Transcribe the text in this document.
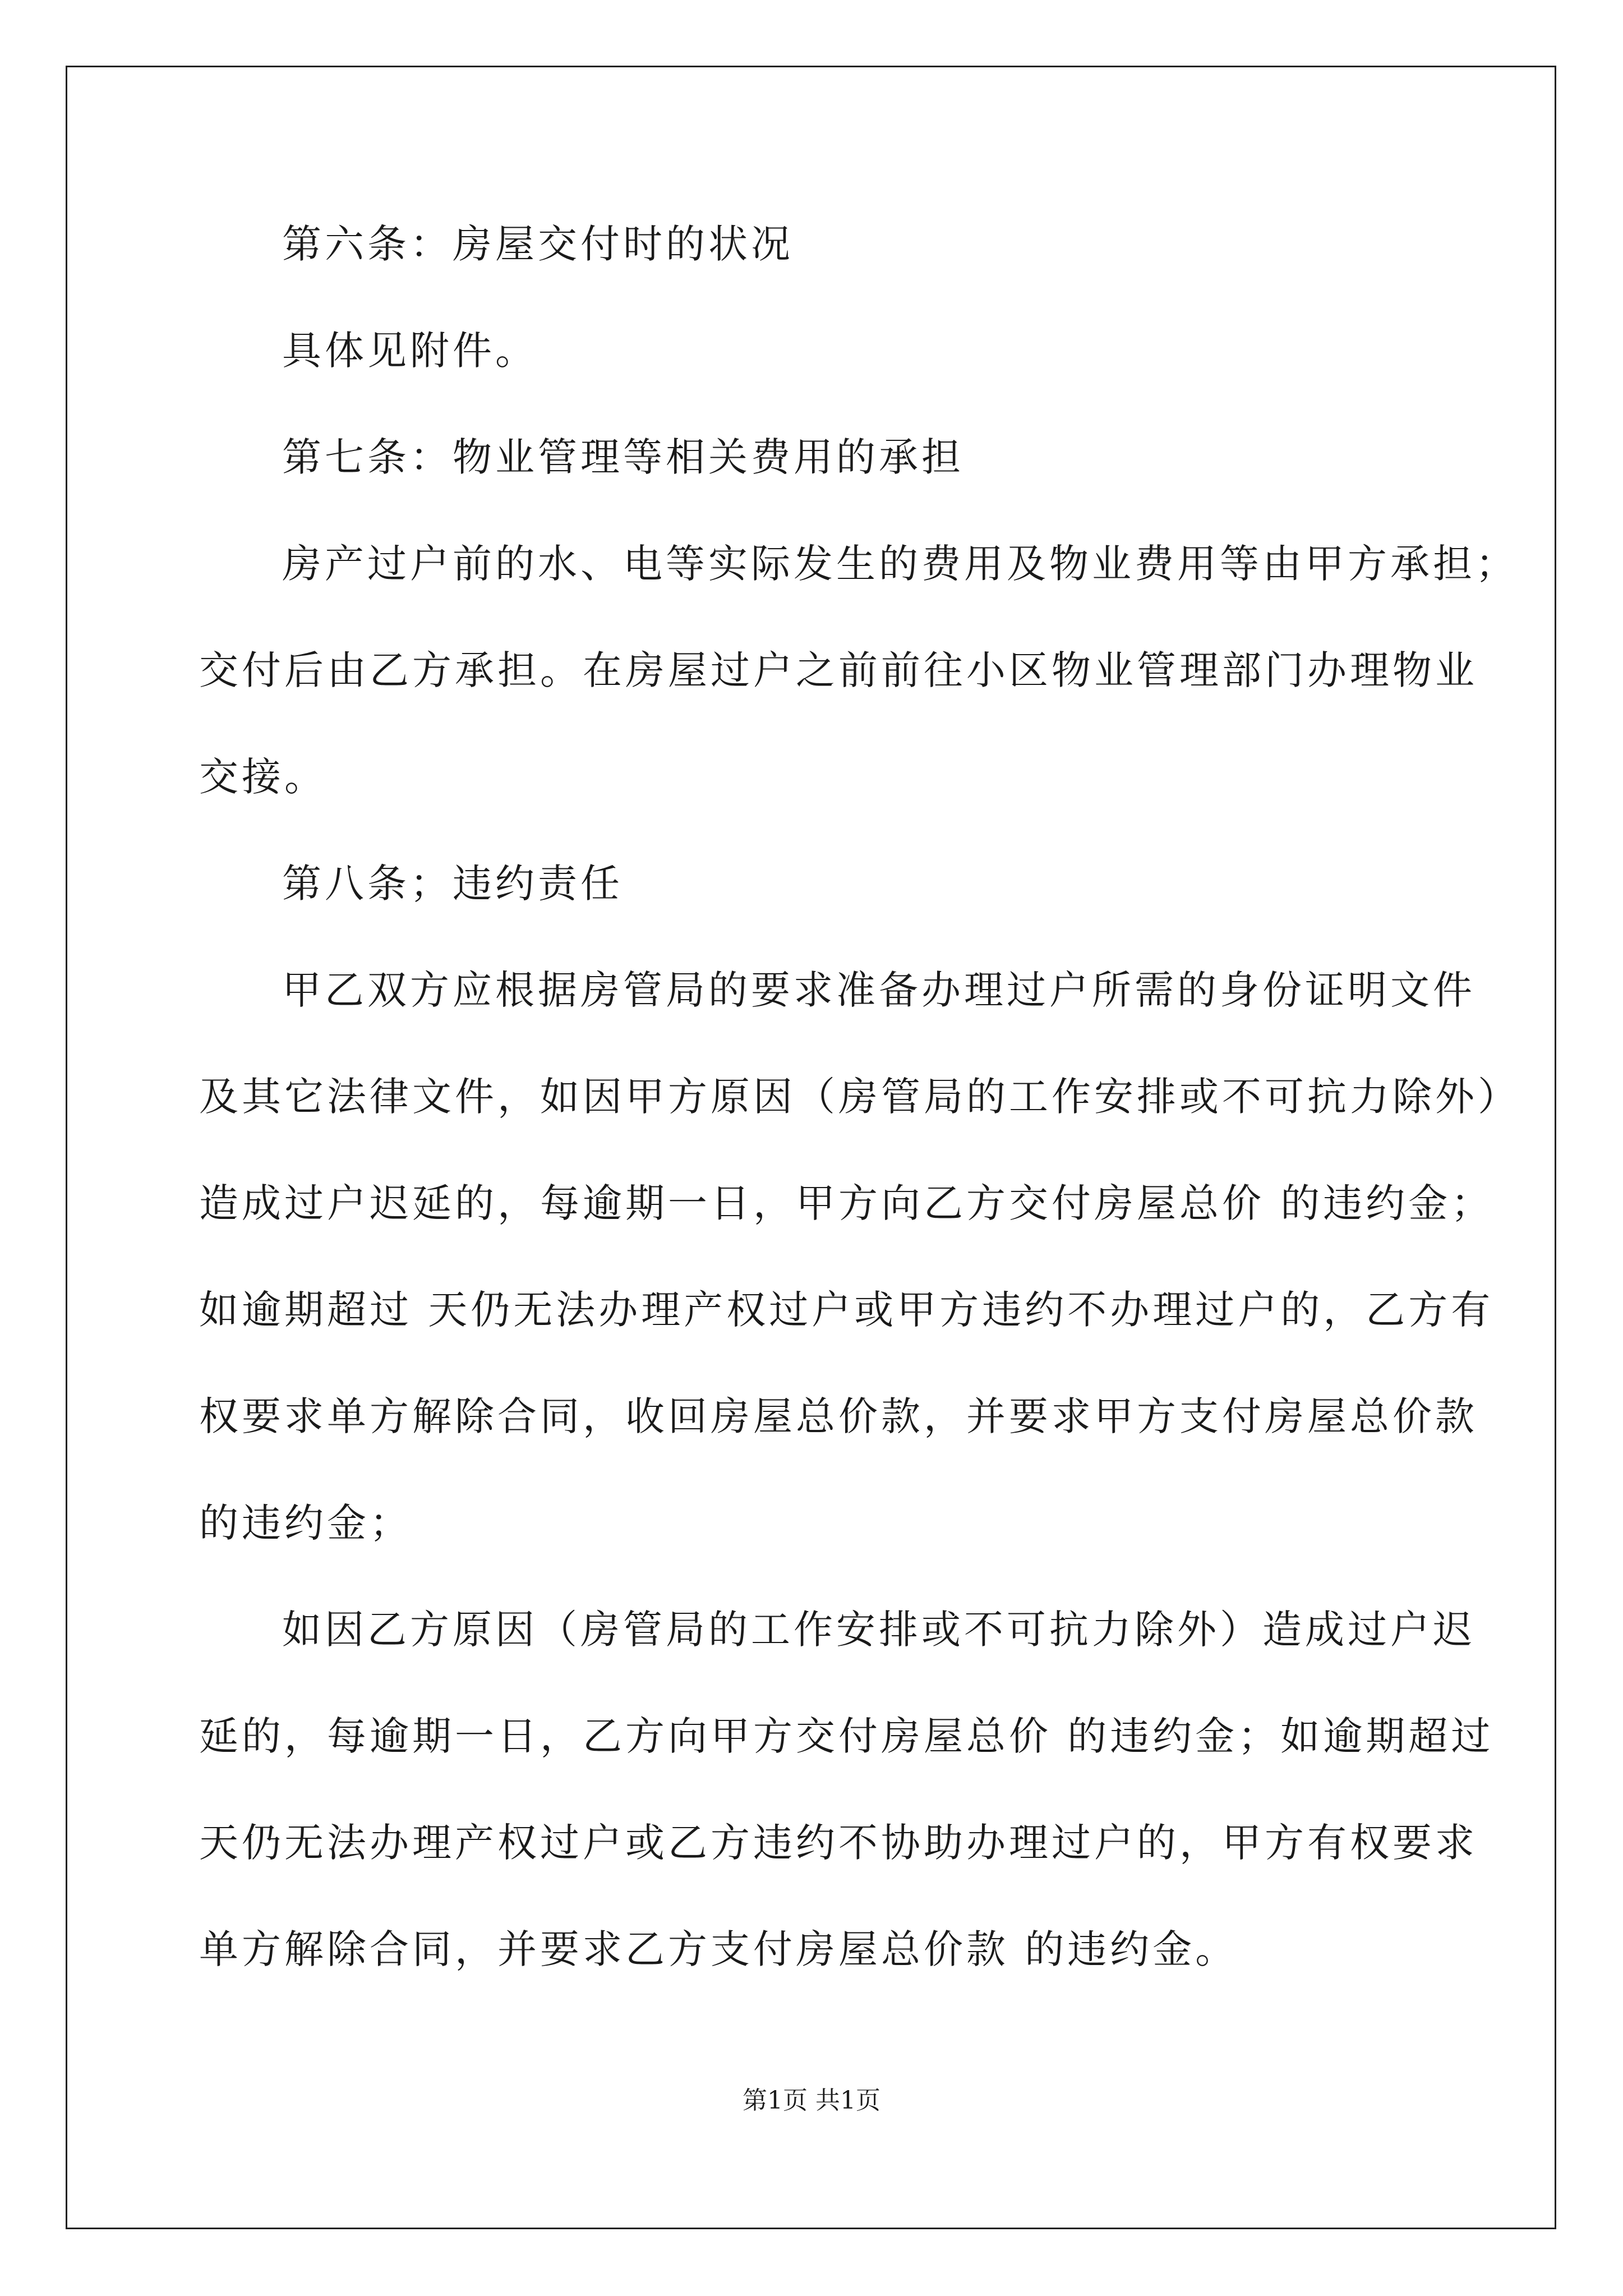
第六条：房屋交付时的状况
具体见附件。
第七条：物业管理等相关费用的承担
房产过户前的水、电等实际发生的费用及物业费用等由甲方承担；
交付后由乙方承担。在房屋过户之前前往小区物业管理部门办理物业
交接。
第八条；违约责任
甲乙双方应根据房管局的要求准备办理过户所需的身份证明文件
及其它法律文件，如因甲方原因（房管局的工作安排或不可抗力除外）
造成过户迟延的，每逾期一日，甲方向乙方交付房屋总价 的违约金；
如逾期超过 天仍无法办理产权过户或甲方违约不办理过户的，乙方有
权要求单方解除合同，收回房屋总价款，并要求甲方支付房屋总价款
的违约金；
如因乙方原因（房管局的工作安排或不可抗力除外）造成过户迟
延的，每逾期一日，乙方向甲方交付房屋总价 的违约金；如逾期超过
天仍无法办理产权过户或乙方违约不协助办理过户的，甲方有权要求
单方解除合同，并要求乙方支付房屋总价款 的违约金。
第1页 共1页
